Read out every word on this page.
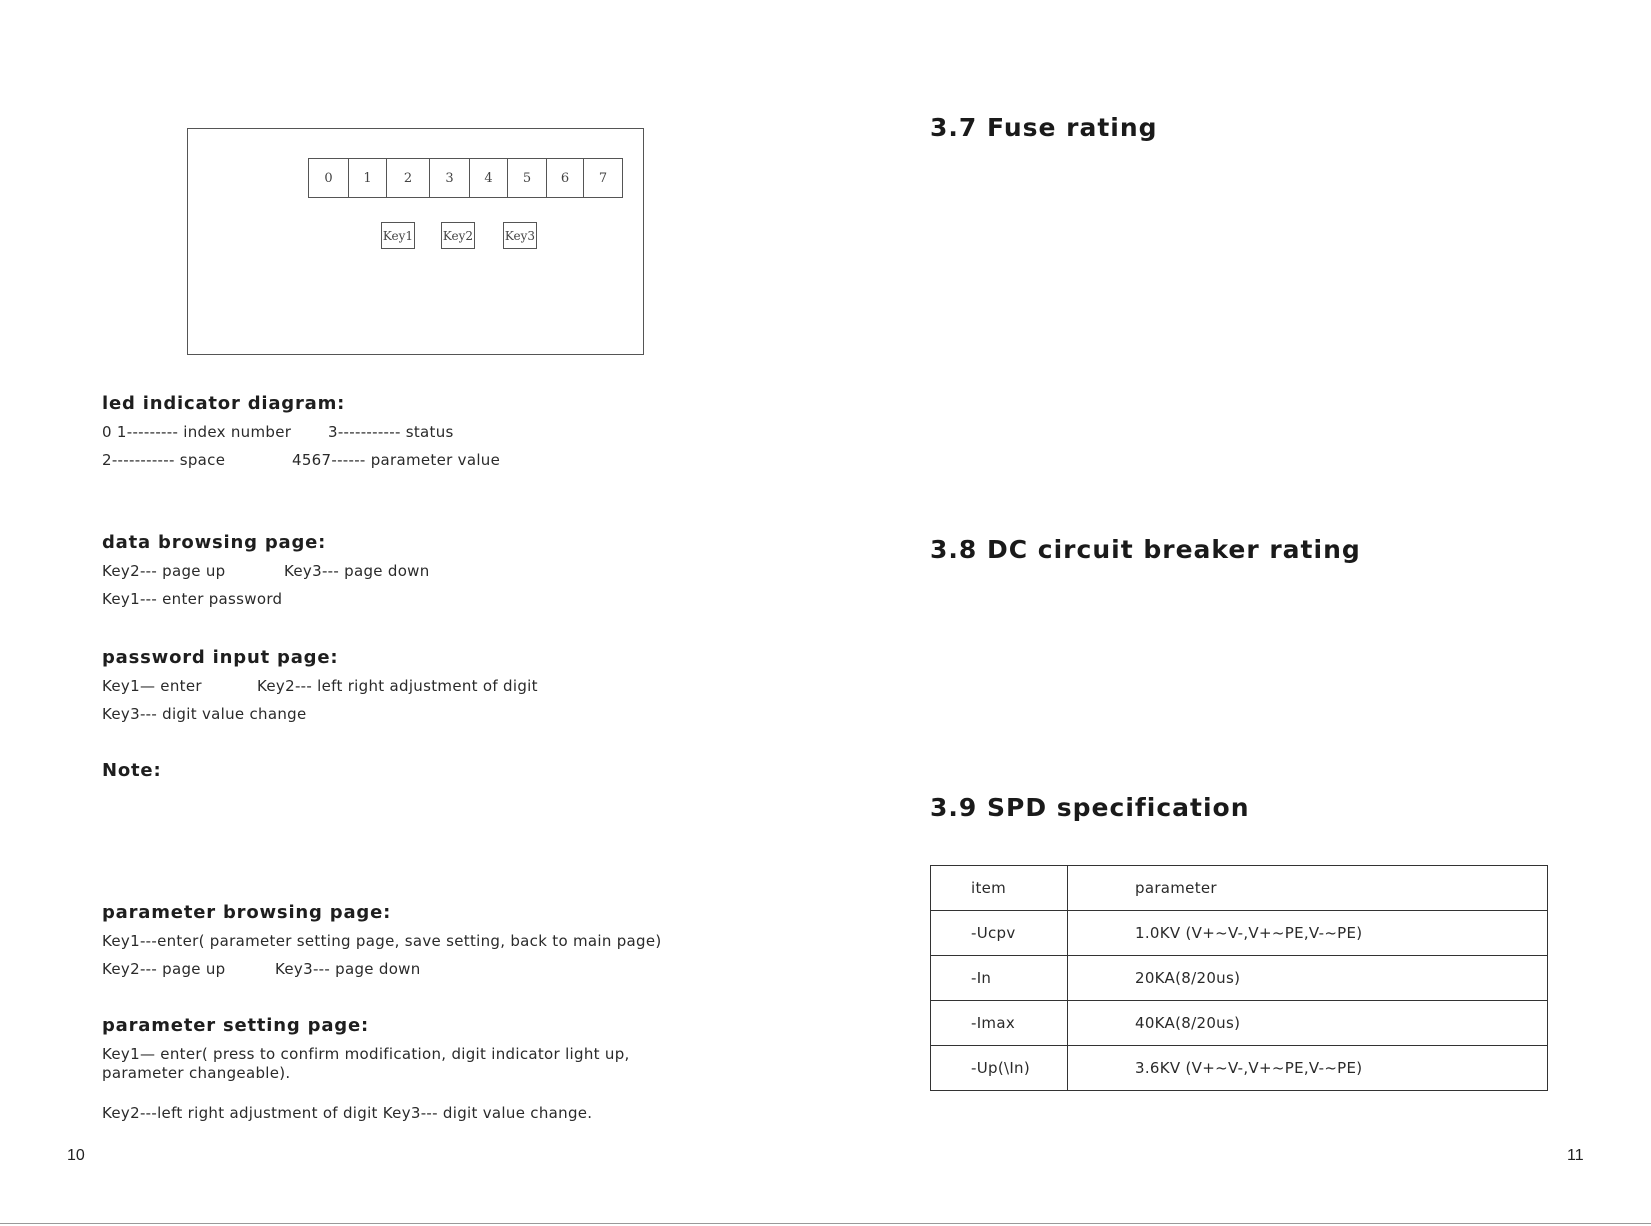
0	1	2	3	4	5	6	7
Key1 Key2	Key3
led indicator diagram:
0 1--------- index number 3----------- status
2----------- space	4567------ parameter value
data browsing page:
Key2--- page up	Key3--- page down
Key1--- enter password
password input page:
Key1— enter	Key2--- left right adjustment of digit
Key3--- digit value change
Note:
parameter browsing page:
Key1---enter( parameter setting page, save setting, back to main page)
Key2--- page up	Key3--- page down
parameter setting page:
Key1— enter( press to confirm modification, digit indicator light up, parameter changeable).
Key2---left right adjustment of digit Key3--- digit value change.
10
3.7 Fuse rating
3.8 DC circuit breaker rating
3.9 SPD specification
item	parameter
-Ucpv	1.0KV (V+~V-,V+~PE,V-~PE)
-In	20KA(8/20us)
-Imax	40KA(8/20us)
-Up(\In)	3.6KV (V+~V-,V+~PE,V-~PE)
11
